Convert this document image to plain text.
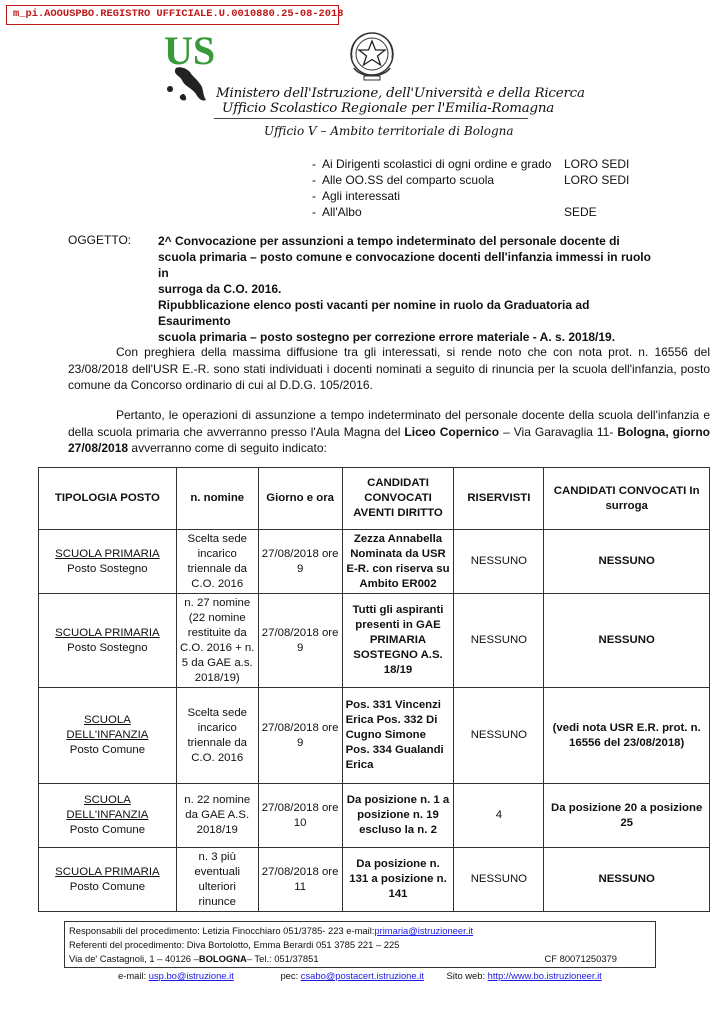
m_pi.AOOUSPBO.REGISTRO UFFICIALE.U.0010880.25-08-2018
US
Ministero dell'Istruzione, dell'Università e della Ricerca
Ufficio Scolastico Regionale per l'Emilia-Romagna
Ufficio V – Ambito territoriale di Bologna
- Ai Dirigenti scolastici di ogni ordine e grado	LORO SEDI
- Alle OO.SS del comparto scuola	LORO SEDI
- Agli interessati
- All'Albo	SEDE
OGGETTO: 2^ Convocazione per assunzioni a tempo indeterminato del personale docente di
scuola primaria – posto comune e convocazione docenti dell'infanzia immessi in ruolo in
surroga da C.O. 2016.
Ripubblicazione elenco posti vacanti per nomine in ruolo da Graduatoria ad Esaurimento
scuola primaria – posto sostegno per correzione errore materiale - A. s. 2018/19.
Con preghiera della massima diffusione tra gli interessati, si rende noto che con nota prot. n. 16556 del 23/08/2018 dell'USR E.-R. sono stati individuati i docenti nominati a seguito di rinuncia per la scuola dell'infanzia, posto comune da Concorso ordinario di cui al D.D.G. 105/2016.
Pertanto, le operazioni di assunzione a tempo indeterminato del personale docente della scuola dell'infanzia e della scuola primaria che avverranno presso l'Aula Magna del Liceo Copernico – Via Garavaglia 11- Bologna, giorno 27/08/2018 avverranno come di seguito indicato:
TIPOLOGIA POSTO	n. nomine	Giorno e ora	CANDIDATI CONVOCATI AVENTI DIRITTO	RISERVISTI	CANDIDATI CONVOCATI In surroga
SCUOLA PRIMARIA
Posto Sostegno	Scelta sede incarico triennale da C.O. 2016	27/08/2018 ore 9	Zezza Annabella Nominata da USR E-R. con riserva su Ambito ER002	NESSUNO	NESSUNO
SCUOLA PRIMARIA
Posto Sostegno	n. 27 nomine (22 nomine restituite da C.O. 2016 + n. 5 da GAE a.s. 2018/19)	27/08/2018 ore 9	Tutti gli aspiranti presenti in GAE PRIMARIA SOSTEGNO A.S. 18/19	NESSUNO	NESSUNO
SCUOLA DELL'INFANZIA
Posto Comune	Scelta sede incarico triennale da C.O. 2016	27/08/2018 ore 9	Pos. 331 Vincenzi Erica Pos. 332 Di Cugno Simone Pos. 334 Gualandi Erica	NESSUNO	(vedi nota USR E.R. prot. n. 16556 del 23/08/2018)
SCUOLA DELL'INFANZIA
Posto Comune	n. 22 nomine da GAE A.S. 2018/19	27/08/2018 ore 10	Da posizione n. 1 a posizione n. 19 escluso la n. 2	4	Da posizione 20 a posizione 25
SCUOLA PRIMARIA
Posto Comune	n. 3 più eventuali ulteriori rinunce	27/08/2018 ore 11	Da posizione n. 131 a posizione n. 141	NESSUNO	NESSUNO
Responsabili del procedimento: Letizia Finocchiaro 051/3785- 223 e-mail: primaria@istruzioneer.it
Referenti del procedimento: Diva Bortolotto, Emma Berardi 051 3785 221 – 225
Via de' Castagnoli, 1 – 40126 – BOLOGNA – Tel.: 051/37851	CF 80071250379
e-mail: usp.bo@istruzione.it	pec: csabo@postacert.istruzione.it Sito web: http://www.bo.istruzioneer.it
